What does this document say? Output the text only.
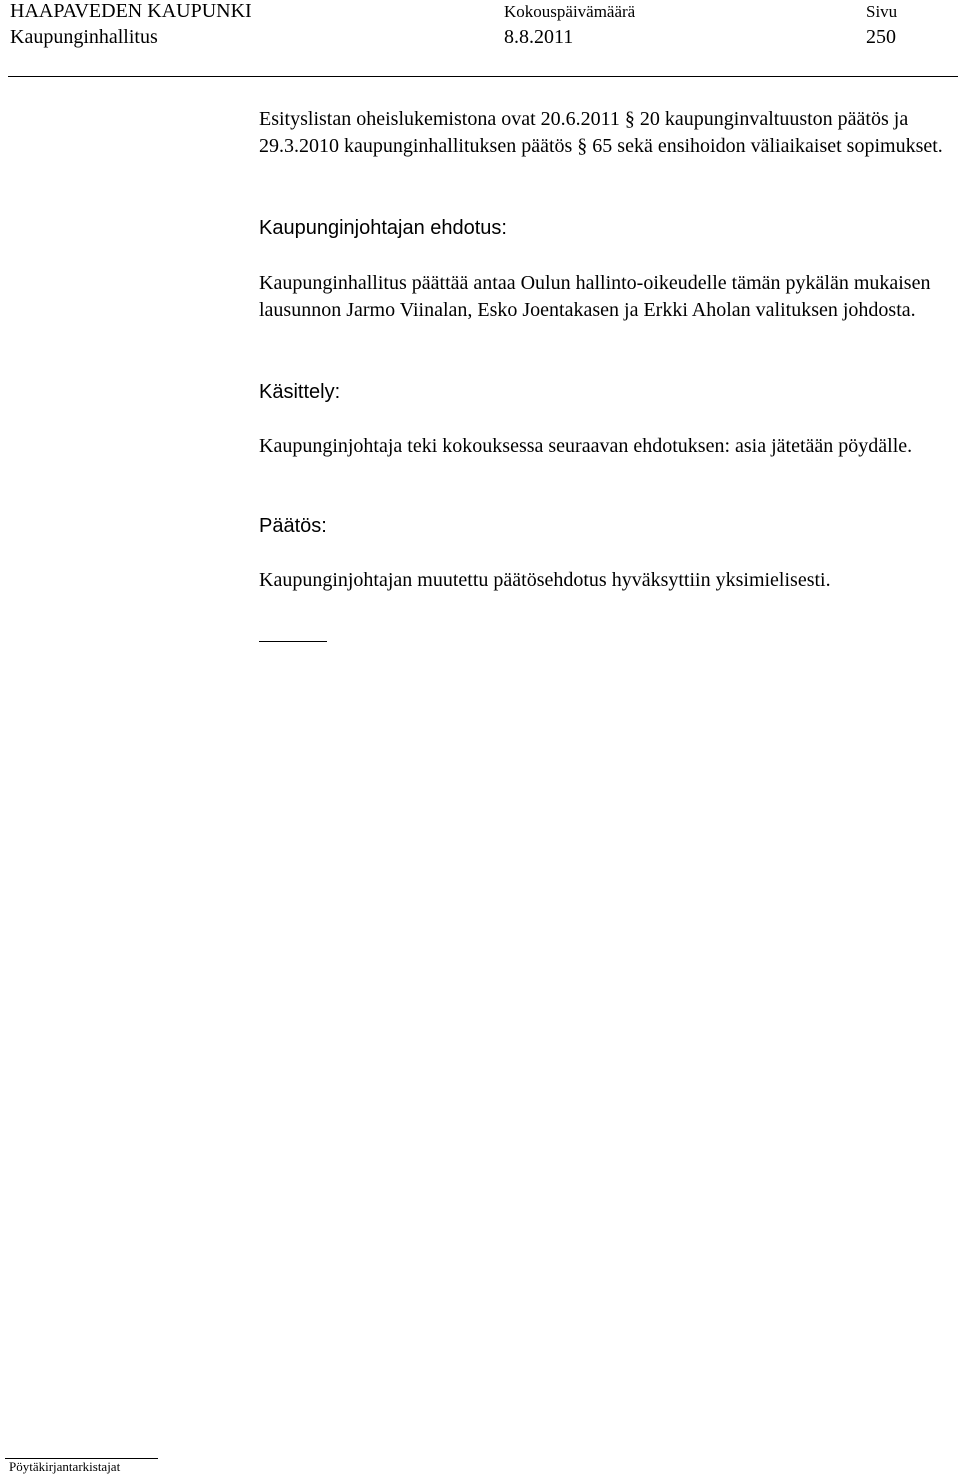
HAAPAVEDEN KAUPUNKI
Kaupunginhallitus
Kokouspäivämäärä
8.8.2011
Sivu
250

Esityslistan oheislukemistona ovat 20.6.2011 § 20 kaupunginvaltuuston päätös ja 29.3.2010 kaupunginhallituksen päätös § 65 sekä ensihoidon väliaikaiset sopimukset.

Kaupunginjohtajan ehdotus:

Kaupunginhallitus päättää antaa Oulun hallinto-oikeudelle tämän pykälän mukaisen lausunnon Jarmo Viinalan, Esko Joentakasen ja Erkki Aholan valituksen johdosta.

Käsittely:

Kaupunginjohtaja teki kokouksessa seuraavan ehdotuksen: asia jätetään pöydälle.

Päätös:

Kaupunginjohtajan muutettu päätösehdotus hyväksyttiin yksimielisesti.

Pöytäkirjantarkistajat
